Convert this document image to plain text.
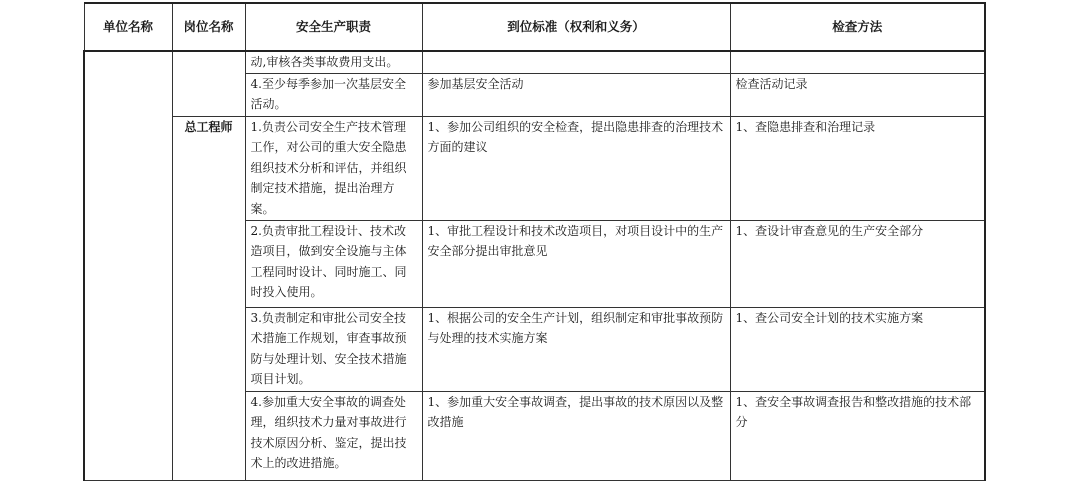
单位名称	岗位名称	安全生产职责	到位标准（权利和义务）	检查方法
		动,审核各类事故费用支出。		
		4.至少每季参加一次基层安全活动。	参加基层安全活动	检查活动记录
	总工程师	1.负责公司安全生产技术管理工作，对公司的重大安全隐患组织技术分析和评估，并组织制定技术措施，提出治理方案。	1、参加公司组织的安全检查，提出隐患排查的治理技术方面的建议	1、查隐患排查和治理记录
		2.负责审批工程设计、技术改造项目，做到安全设施与主体工程同时设计、同时施工、同时投入使用。	1、审批工程设计和技术改造项目，对项目设计中的生产安全部分提出审批意见	1、查设计审查意见的生产安全部分
		3.负责制定和审批公司安全技术措施工作规划，审查事故预防与处理计划、安全技术措施项目计划。	1、根据公司的安全生产计划，组织制定和审批事故预防与处理的技术实施方案	1、查公司安全计划的技术实施方案
		4.参加重大安全事故的调查处理，组织技术力量对事故进行技术原因分析、鉴定，提出技术上的改进措施。	1、参加重大安全事故调查，提出事故的技术原因以及整改措施	1、查安全事故调查报告和整改措施的技术部分
